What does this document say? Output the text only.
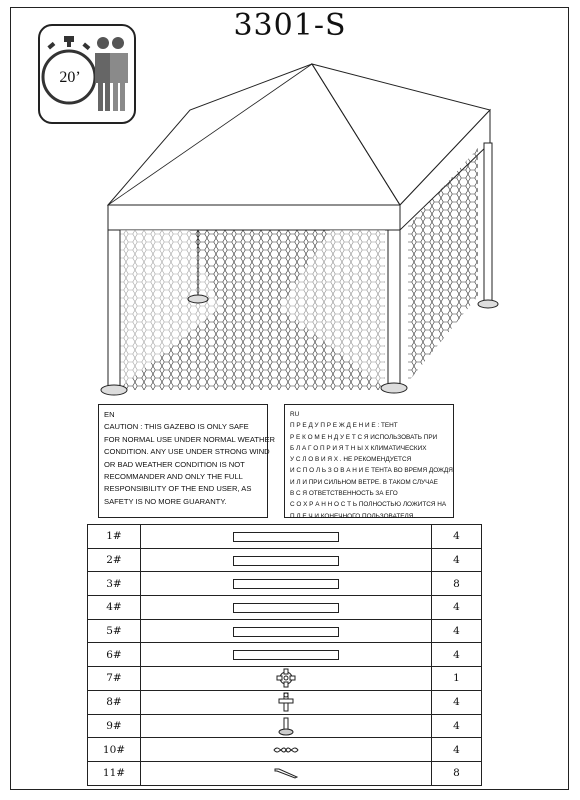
3301-S
20’
EN
CAUTION : THIS GAZEBO IS ONLY SAFE
FOR NORMAL USE UNDER NORMAL WEATHER
CONDITION. ANY USE UNDER STRONG WIND
OR BAD WEATHER CONDITION IS NOT
RECOMMANDER AND ONLY THE FULL
RESPONSIBILITY OF THE END USER, AS
SAFETY IS NO MORE GUARANTY.
RU
П Р Е Д У П Р Е Ж Д Е Н И Е : ТЕНТ
Р Е К О М Е Н Д У Е Т С Я ИСПОЛЬЗОВАТЬ ПРИ
Б Л А Г О П Р И Я Т Н Ы Х КЛИМАТИЧЕСКИХ
У С Л О В И Я Х . НЕ РЕКОМЕНДУЕТСЯ
И С П О Л Ь З О В А Н И Е ТЕНТА ВО ВРЕМЯ ДОЖДЯ
И Л И ПРИ СИЛЬНОМ ВЕТРЕ. В ТАКОМ СЛУЧАЕ
В С Я ОТВЕТСТВЕННОСТЬ ЗА ЕГО
С О Х Р А Н Н О С Т Ь ПОЛНОСТЬЮ ЛОЖИТСЯ НА
П Л Е Ч И КОНЕЧНОГО ПОЛЬЗОВАТЕЛЯ.
1#		4
2#		4
3#		8
4#		4
5#		4
6#		4
7#		1
8#		4
9#		4
10#		4
11#		8
